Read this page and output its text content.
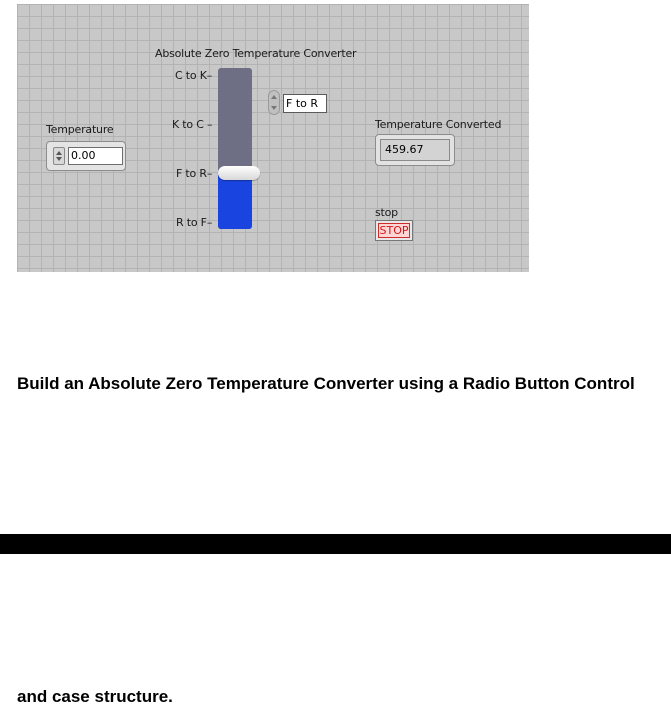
Absolute Zero Temperature Converter
C to K–
K to C –
F to R–
R to F–
F to R
Temperature
0.00
Temperature Converted
459.67
stop
STOP
Build an Absolute Zero Temperature Converter using a Radio Button Control
and case structure.
